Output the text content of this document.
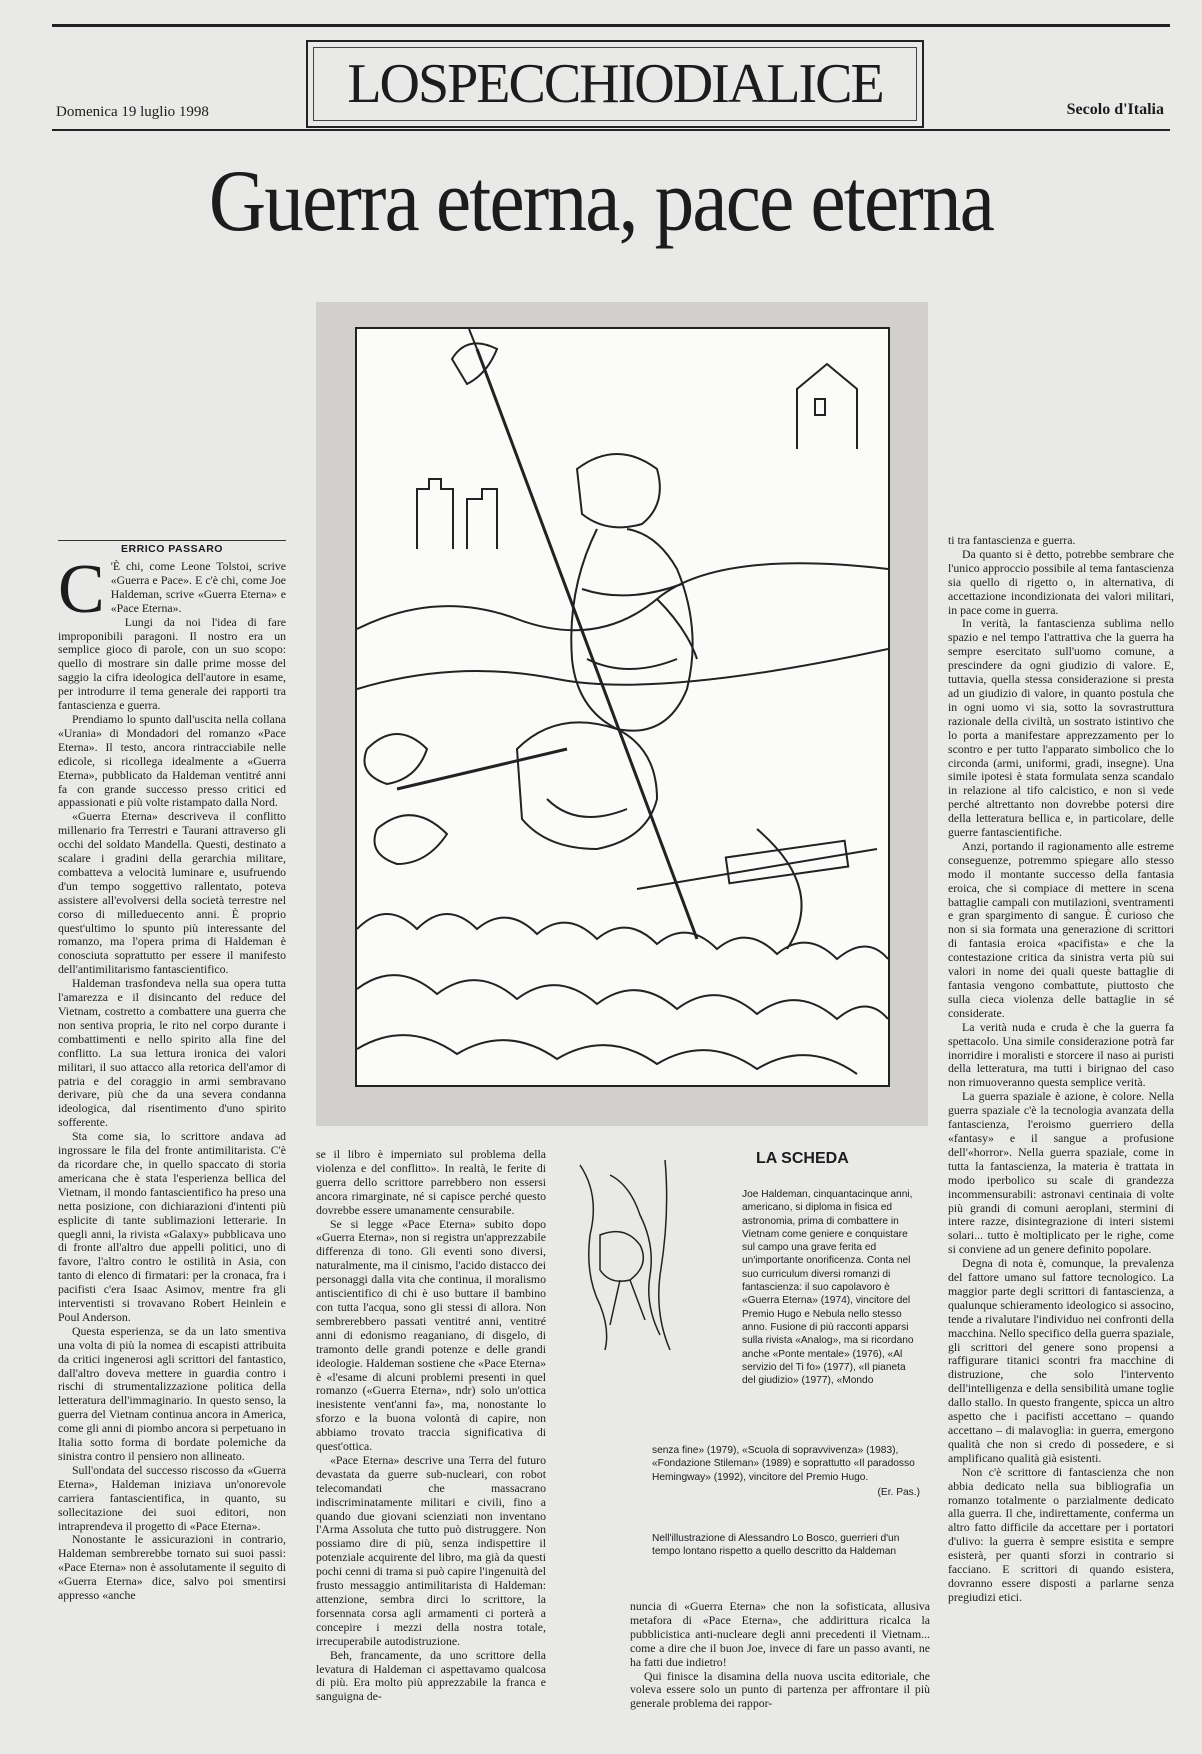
Domenica 19 luglio 1998 LOSPECCHIODIALICE	Secolo d'Italia
Guerra eterna, pace eterna
ERRICO PASSARO

C 'È chi, come Leone Tolstoi, scrive «Guerra e Pace». E c'è chi, come Joe Haldeman, scrive «Guerra Eterna» e «Pace Eterna».

Lungi da noi l'idea di fare improponibili paragoni. Il nostro era un semplice gioco di parole, con un suo scopo: quello di mostrare sin dalle prime mosse del saggio la cifra ideologica dell'autore in esame, per introdurre il tema generale dei rapporti tra fantascienza e guerra.

Prendiamo lo spunto dall'uscita nella collana «Urania» di Mondadori del romanzo «Pace Eterna». Il testo, ancora rintracciabile nelle edicole, si ricollega idealmente a «Guerra Eterna», pubblicato da Haldeman ventitré anni fa con grande successo presso critici ed appassionati e più volte ristampato dalla Nord.

«Guerra Eterna» descriveva il conflitto millenario fra Terrestri e Taurani attraverso gli occhi del soldato Mandella. Questi, destinato a scalare i gradini della gerarchia militare, combatteva a velocità luminare e, usufruendo d'un tempo soggettivo rallentato, poteva assistere all'evolversi della società terrestre nel corso di milleduecento anni. È proprio quest'ultimo lo spunto più interessante del romanzo, ma l'opera prima di Haldeman è conosciuta soprattutto per essere il manifesto dell'antimilitarismo fantascientifico.

Haldeman trasfondeva nella sua opera tutta l'amarezza e il disincanto del reduce del Vietnam, costretto a combattere una guerra che non sentiva propria, le rito nel corpo durante i combattimenti e nello spirito alla fine del conflitto. La sua lettura ironica dei valori militari, il suo attacco alla retorica dell'amor di patria e del coraggio in armi sembravano derivare, più che da una severa condanna ideologica, dal risentimento d'uno spirito sofferente.

Sta come sia, lo scrittore andava ad ingrossare le fila del fronte antimilitarista. C'è da ricordare che, in quello spaccato di storia americana che è stata l'esperienza bellica del Vietnam, il mondo fantascientifico ha preso una netta posizione, con dichiarazioni d'intenti più esplicite di tante sublimazioni letterarie. In quegli anni, la rivista «Galaxy» pubblicava uno di fronte all'altro due appelli politici, uno di favore, l'altro contro le ostilità in Asia, con tanto di elenco di firmatari: per la cronaca, fra i pacifisti c'era Isaac Asimov, mentre fra gli interventisti si trovavano Robert Heinlein e Poul Anderson.

Questa esperienza, se da un lato smentiva una volta di più la nomea di escapisti attribuita da critici ingenerosi agli scrittori del fantastico, dall'altro doveva mettere in guardia contro i rischi di strumentalizzazione politica della letteratura dell'immaginario. In questo senso, la guerra del Vietnam continua ancora in America, come gli anni di piombo ancora si perpetuano in Italia sotto forma di bordate polemiche da sinistra contro il pensiero non allineato.

Sull'ondata del successo riscosso da «Guerra Eterna», Haldeman iniziava un'onorevole carriera fantascientifica, in quanto, su sollecitazione dei suoi editori, non intraprendeva il progetto di «Pace Eterna».

Nonostante le assicurazioni in contrario, Haldeman sembrerebbe tornato sui suoi passi: «Pace Eterna» non è assolutamente il seguito di «Guerra Eterna» dice, salvo poi smentirsi appresso «anche

se il libro è imperniato sul problema della violenza e del conflitto». In realtà, le ferite di guerra dello scrittore parrebbero non essersi ancora rimarginate, né si capisce perché questo dovrebbe essere umanamente censurabile.

Se si legge «Pace Eterna» subito dopo «Guerra Eterna», non si registra un'apprezzabile differenza di tono. Gli eventi sono diversi, naturalmente, ma il cinismo, l'acido distacco dei personaggi dalla vita che continua, il moralismo antiscientifico di chi è uso buttare il bambino con tutta l'acqua, sono gli stessi di allora. Non sembrerebbero passati ventitré anni, ventitré anni di edonismo reaganiano, di disgelo, di tramonto delle grandi potenze e delle grandi ideologie. Haldeman sostiene che «Pace Eterna» è «l'esame di alcuni problemi presenti in quel romanzo («Guerra Eterna», ndr) solo un'ottica inesistente vent'anni fa», ma, nonostante lo sforzo e la buona volontà di capire, non abbiamo trovato traccia significativa di quest'ottica.

«Pace Eterna» descrive una Terra del futuro devastata da guerre sub-nucleari, con robot telecomandati che massacrano indiscriminatamente militari e civili, fino a quando due giovani scienziati non inventano l'Arma Assoluta che tutto può distruggere. Non possiamo dire di più, senza indispettire il potenziale acquirente del libro, ma già da questi pochi cenni di trama si può capire l'ingenuità del frusto messaggio antimilitarista di Haldeman: attenzione, sembra dirci lo scrittore, la forsennata corsa agli armamenti ci porterà a concepire i mezzi della nostra totale, irrecuperabile autodistruzione.

Beh, francamente, da uno scrittore della levatura di Haldeman ci aspettavamo qualcosa di più. Era molto più apprezzabile la franca e sanguigna de-

LA SCHEDA
Joe Haldeman, cinquantacinque anni, americano, si diploma in fisica ed astronomia, prima di combattere in Vietnam come geniere e conquistare sul campo una grave ferita ed un'importante onorificenza. Conta nel suo curriculum diversi romanzi di fantascienza: il suo capolavoro è «Guerra Eterna» (1974), vincitore del Premio Hugo e Nebula nello stesso anno. Fusione di più racconti apparsi sulla rivista «Analog», ma si ricordano anche «Ponte mentale» (1976), «Al servizio del Ti fo» (1977), «Il pianeta del giudizio» (1977), «Mondo
senza fine» (1979), «Scuola di sopravvivenza» (1983), «Fondazione Stileman» (1989) e soprattutto «Il paradosso Hemingway» (1992), vincitore del Premio Hugo.
(Er. Pas.)
Nell'illustrazione di Alessandro Lo Bosco, guerrieri d'un tempo lontano rispetto a quello descritto da Haldeman

nuncia di «Guerra Eterna» che non la sofisticata, allusiva metafora di «Pace Eterna», che addirittura ricalca la pubblicistica anti-nucleare degli anni precedenti il Vietnam... come a dire che il buon Joe, invece di fare un passo avanti, ne ha fatti due indietro!

Qui finisce la disamina della nuova uscita editoriale, che voleva essere solo un punto di partenza per affrontare il più generale problema dei rappor-

ti tra fantascienza e guerra.

Da quanto si è detto, potrebbe sembrare che l'unico approccio possibile al tema fantascienza sia quello di rigetto o, in alternativa, di accettazione incondizionata dei valori militari, in pace come in guerra.

In verità, la fantascienza sublima nello spazio e nel tempo l'attrattiva che la guerra ha sempre esercitato sull'uomo comune, a prescindere da ogni giudizio di valore. E, tuttavia, quella stessa considerazione si presta ad un giudizio di valore, in quanto postula che in ogni uomo vi sia, sotto la sovrastruttura razionale della civiltà, un sostrato istintivo che lo porta a manifestare apprezzamento per lo scontro e per tutto l'apparato simbolico che lo circonda (armi, uniformi, gradi, insegne). Una simile ipotesi è stata formulata senza scandalo in relazione al tifo calcistico, e non si vede perché altrettanto non dovrebbe potersi dire della letteratura bellica e, in particolare, delle guerre fantascientifiche.

Anzi, portando il ragionamento alle estreme conseguenze, potremmo spiegare allo stesso modo il montante successo della fantasia eroica, che si compiace di mettere in scena battaglie campali con mutilazioni, sventramenti e gran spargimento di sangue. È curioso che non si sia formata una generazione di scrittori di fantasia eroica «pacifista» e che la contestazione critica da sinistra verta più sui valori in nome dei quali queste battaglie di fantasia vengono combattute, piuttosto che sulla cieca violenza delle battaglie in sé considerate.

La verità nuda e cruda è che la guerra fa spettacolo. Una simile considerazione potrà far inorridire i moralisti e storcere il naso ai puristi della letteratura, ma tutti i birignao del caso non rimuoveranno questa semplice verità.

La guerra spaziale è azione, è colore. Nella guerra spaziale c'è la tecnologia avanzata della fantascienza, l'eroismo guerriero della «fantasy» e il sangue a profusione dell'«horror». Nella guerra spaziale, come in tutta la fantascienza, la materia è trattata in modo iperbolico su scale di grandezza incommensurabili: astronavi centinaia di volte più grandi di comuni aeroplani, stermini di intere razze, disintegrazione di interi sistemi solari... tutto è moltiplicato per le righe, come si conviene ad un genere definito popolare.

Degna di nota è, comunque, la prevalenza del fattore umano sul fattore tecnologico. La maggior parte degli scrittori di fantascienza, a qualunque schieramento ideologico si associno, tende a rivalutare l'individuo nei confronti della macchina. Nello specifico della guerra spaziale, gli scrittori del genere sono propensi a raffigurare titanici scontri fra macchine di distruzione, che solo l'intervento dell'intelligenza e della sensibilità umane toglie dallo stallo. In questo frangente, spicca un altro aspetto che i pacifisti accettano – quando accettano – di malavoglia: in guerra, emergono qualità che non si credo di possedere, e si amplificano qualità già esistenti.

Non c'è scrittore di fantascienza che non abbia dedicato nella sua bibliografia un romanzo totalmente o parzialmente dedicato alla guerra. Il che, indirettamente, conferma un altro fatto difficile da accettare per i portatori d'ulivo: la guerra è sempre esistita e sempre esisterà, per quanti sforzi in contrario si facciano. E scrittori di quando esistera, dovranno essere disposti a parlarne senza pregiudizi etici.
